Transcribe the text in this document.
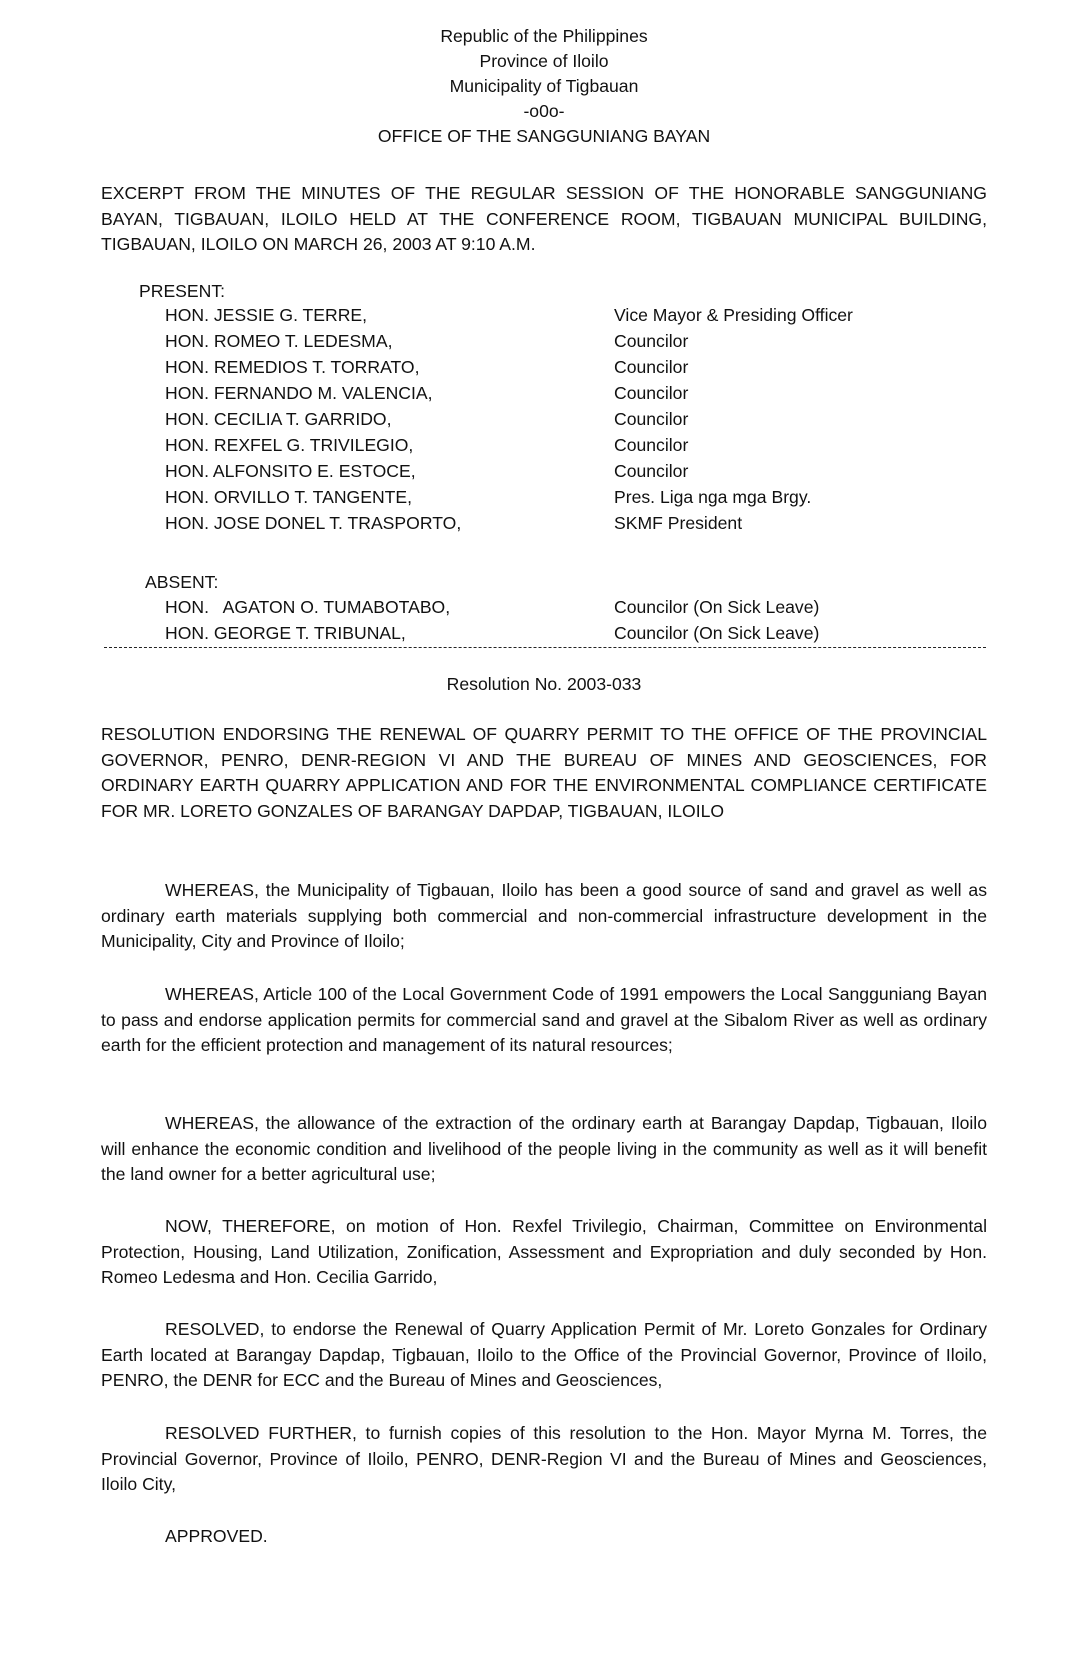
Republic of the Philippines
Province of Iloilo
Municipality of Tigbauan
-o0o-
OFFICE OF THE SANGGUNIANG BAYAN
EXCERPT FROM THE MINUTES OF THE REGULAR SESSION OF THE HONORABLE SANGGUNIANG BAYAN, TIGBAUAN, ILOILO HELD AT THE CONFERENCE ROOM, TIGBAUAN MUNICIPAL BUILDING, TIGBAUAN, ILOILO ON MARCH 26, 2003 AT 9:10 A.M.
PRESENT:
HON. JESSIE G. TERRE,	Vice Mayor & Presiding Officer
HON. ROMEO T. LEDESMA,	Councilor
HON. REMEDIOS T. TORRATO,	Councilor
HON. FERNANDO M. VALENCIA,	Councilor
HON. CECILIA T. GARRIDO,	Councilor
HON. REXFEL G. TRIVILEGIO,	Councilor
HON. ALFONSITO E. ESTOCE,	Councilor
HON. ORVILLO T. TANGENTE,	Pres. Liga nga mga Brgy.
HON. JOSE DONEL T. TRASPORTO,	SKMF President
ABSENT:
HON.   AGATON O. TUMABOTABO,	Councilor (On Sick Leave)
HON. GEORGE T. TRIBUNAL,	Councilor (On Sick Leave)
Resolution No. 2003-033
RESOLUTION ENDORSING THE RENEWAL OF QUARRY PERMIT TO THE OFFICE OF THE PROVINCIAL GOVERNOR, PENRO, DENR-REGION VI AND THE BUREAU OF MINES AND GEOSCIENCES, FOR ORDINARY EARTH QUARRY APPLICATION AND FOR THE ENVIRONMENTAL COMPLIANCE CERTIFICATE FOR MR. LORETO GONZALES OF BARANGAY DAPDAP, TIGBAUAN, ILOILO
WHEREAS, the Municipality of Tigbauan, Iloilo has been a good source of sand and gravel as well as ordinary earth materials supplying both commercial and non-commercial infrastructure development in the Municipality, City and Province of Iloilo;
WHEREAS, Article 100 of the Local Government Code of 1991 empowers the Local Sangguniang Bayan to pass and endorse application permits for commercial sand and gravel at the Sibalom River as well as ordinary earth for the efficient protection and management of its natural resources;
WHEREAS, the allowance of the extraction of the ordinary earth at Barangay Dapdap, Tigbauan, Iloilo will enhance the economic condition and livelihood of the people living in the community as well as it will benefit the land owner for a better agricultural use;
NOW, THEREFORE, on motion of Hon. Rexfel Trivilegio, Chairman, Committee on Environmental Protection, Housing, Land Utilization, Zonification, Assessment and Expropriation and duly seconded by Hon. Romeo Ledesma and Hon. Cecilia Garrido,
RESOLVED, to endorse the Renewal of Quarry Application Permit of Mr. Loreto Gonzales for Ordinary Earth located at Barangay Dapdap, Tigbauan, Iloilo to the Office of the Provincial Governor, Province of Iloilo, PENRO, the DENR for ECC and the Bureau of Mines and Geosciences,
RESOLVED FURTHER, to furnish copies of this resolution to the Hon. Mayor Myrna M. Torres, the Provincial Governor, Province of Iloilo, PENRO, DENR-Region VI and the Bureau of Mines and Geosciences, Iloilo City,
APPROVED.
